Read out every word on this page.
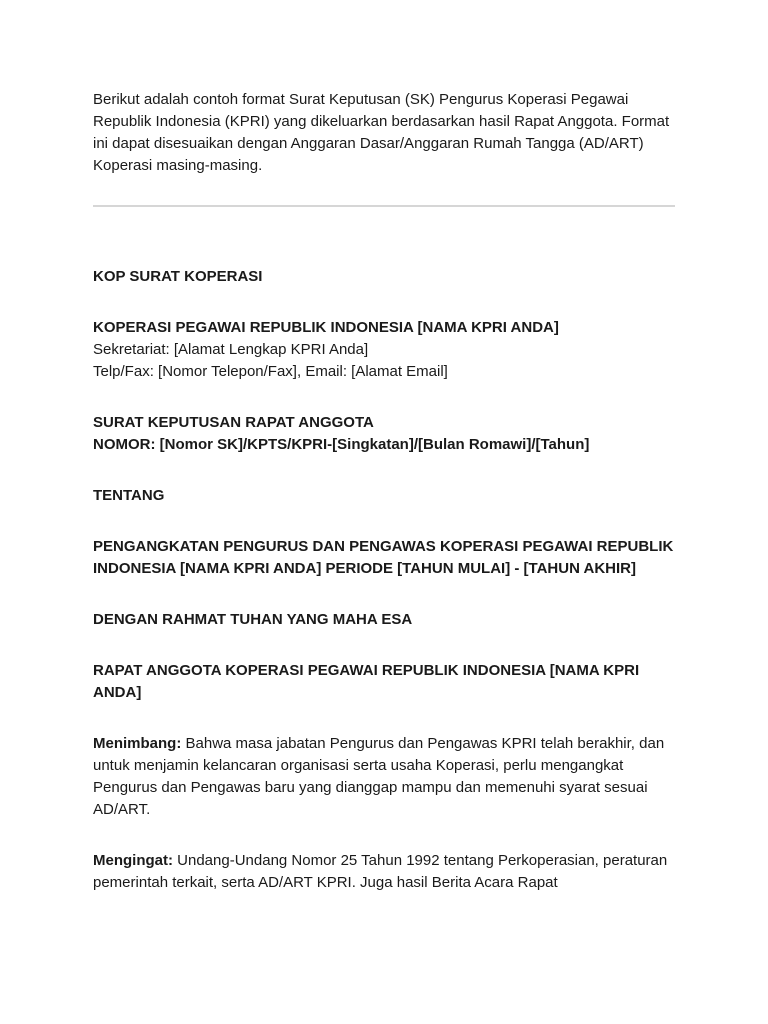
Berikut adalah contoh format Surat Keputusan (SK) Pengurus Koperasi Pegawai Republik Indonesia (KPRI) yang dikeluarkan berdasarkan hasil Rapat Anggota. Format ini dapat disesuaikan dengan Anggaran Dasar/Anggaran Rumah Tangga (AD/ART) Koperasi masing-masing.

KOP SURAT KOPERASI

KOPERASI PEGAWAI REPUBLIK INDONESIA [NAMA KPRI ANDA]
Sekretariat: [Alamat Lengkap KPRI Anda]
Telp/Fax: [Nomor Telepon/Fax], Email: [Alamat Email]
SURAT KEPUTUSAN RAPAT ANGGOTA
NOMOR: [Nomor SK]/KPTS/KPRI-[Singkatan]/[Bulan Romawi]/[Tahun]

TENTANG

PENGANGKATAN PENGURUS DAN PENGAWAS KOPERASI PEGAWAI REPUBLIK INDONESIA [NAMA KPRI ANDA] PERIODE [TAHUN MULAI] - [TAHUN AKHIR]

DENGAN RAHMAT TUHAN YANG MAHA ESA

RAPAT ANGGOTA KOPERASI PEGAWAI REPUBLIK INDONESIA [NAMA KPRI ANDA]

Menimbang: Bahwa masa jabatan Pengurus dan Pengawas KPRI telah berakhir, dan untuk menjamin kelancaran organisasi serta usaha Koperasi, perlu mengangkat Pengurus dan Pengawas baru yang dianggap mampu dan memenuhi syarat sesuai AD/ART.

Mengingat: Undang-Undang Nomor 25 Tahun 1992 tentang Perkoperasian, peraturan pemerintah terkait, serta AD/ART KPRI. Juga hasil Berita Acara Rapat
